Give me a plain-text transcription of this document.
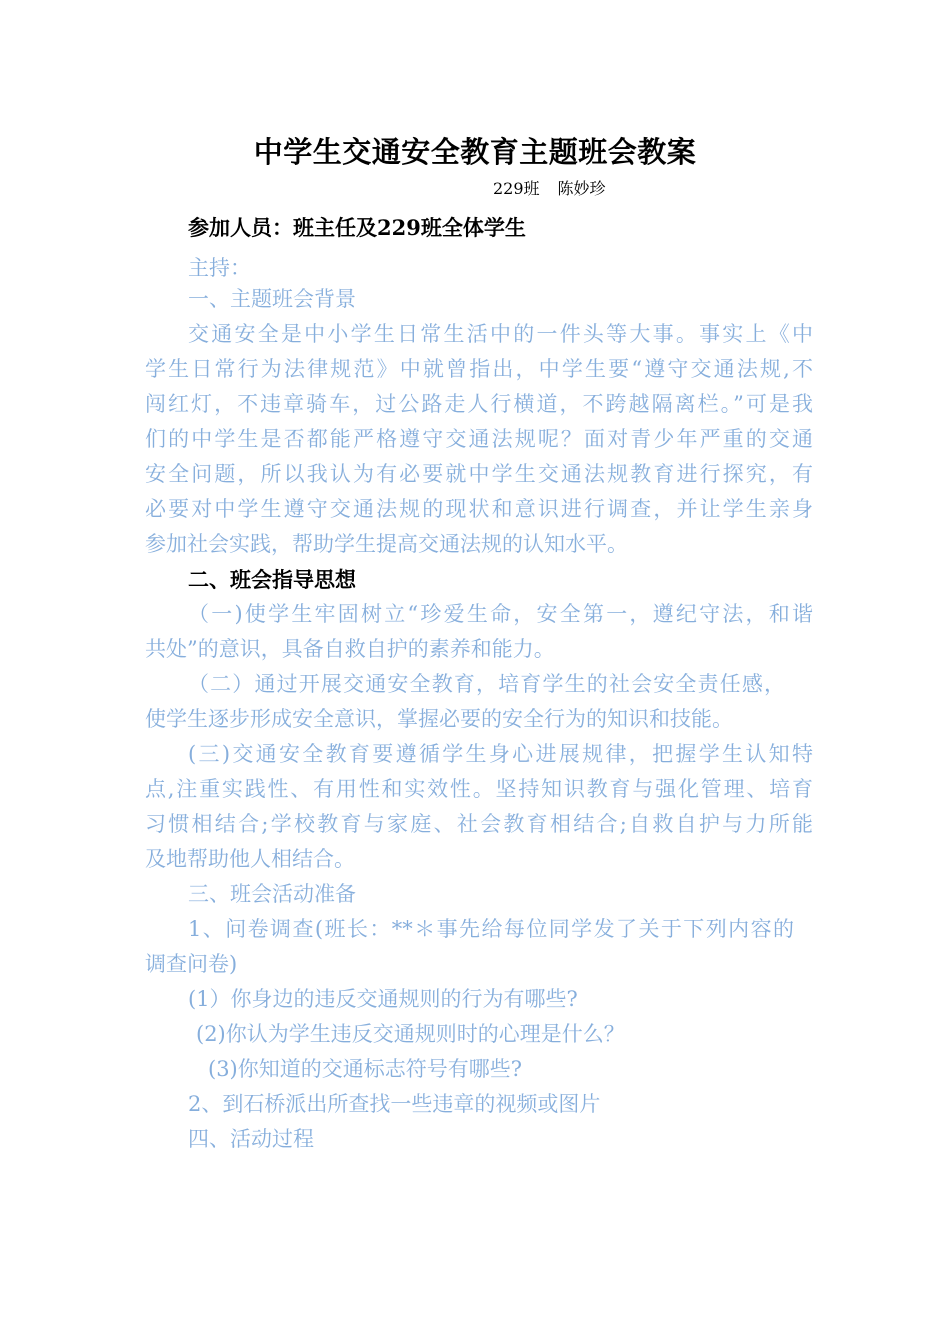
中学生交通安全教育主题班会教案
229班 陈妙珍
参加人员：班主任及229班全体学生
主持：
一、主题班会背景
交通安全是中小学生日常生活中的一件头等大事。事实上《中
学生日常行为法律规范》中就曾指出，中学生要“遵守交通法规,不
闯红灯，不违章骑车，过公路走人行横道，不跨越隔离栏。”可是我
们的中学生是否都能严格遵守交通法规呢？面对青少年严重的交通
安全问题，所以我认为有必要就中学生交通法规教育进行探究，有
必要对中学生遵守交通法规的现状和意识进行调查，并让学生亲身
参加社会实践，帮助学生提高交通法规的认知水平。
二、班会指导思想
（一)使学生牢固树立“珍爱生命，安全第一，遵纪守法，和谐
共处”的意识，具备自救自护的素养和能力。
（二）通过开展交通安全教育，培育学生的社会安全责任感，
使学生逐步形成安全意识，掌握必要的安全行为的知识和技能。
(三)交通安全教育要遵循学生身心进展规律，把握学生认知特
点,注重实践性、有用性和实效性。坚持知识教育与强化管理、培育
习惯相结合;学校教育与家庭、社会教育相结合;自救自护与力所能
及地帮助他人相结合。
三、班会活动准备
1、问卷调查(班长：**＊事先给每位同学发了关于下列内容的
调查问卷)
(1）你身边的违反交通规则的行为有哪些?
(2)你认为学生违反交通规则时的心理是什么？
(3)你知道的交通标志符号有哪些?
2、到石桥派出所查找一些违章的视频或图片
四、活动过程
